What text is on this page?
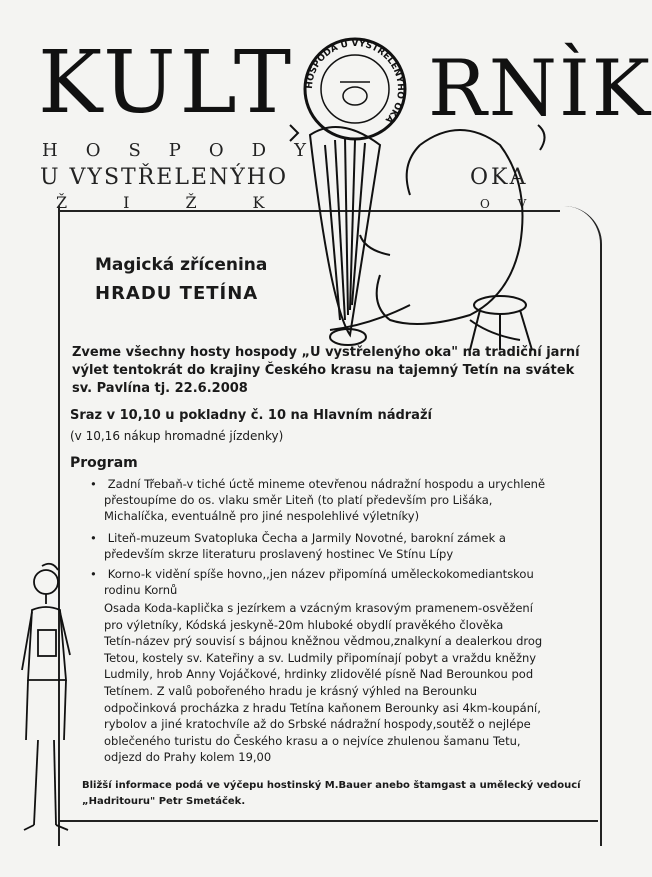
KULT RNÌK
HOSPODA U VYSTŘELENÝHO OKA
HOSPODY
U VYSTŘELENÝHO	OKA
ŽIŽK	OV
Magická zřícenina
HRADU TETÍNA
Zveme všechny hosty hospody „U vystřelenýho oka" na tradiční jarní
výlet tentokrát do krajiny Českého krasu na tajemný Tetín na svátek
sv. Pavlína tj. 22.6.2008
Sraz v 10,10 u pokladny č. 10 na Hlavním nádraží
(v 10,16 nákup hromadné jízdenky)
Program
•   Zadní Třebaň-v tiché úctě mineme otevřenou nádražní hospodu a urychleně
přestoupíme do os. vlaku směr Liteň (to platí především pro Lišáka,
Michalíčka, eventuálně pro jiné nespolehlivé výletníky)
•   Liteň-muzeum Svatopluka Čecha a Jarmily Novotné, barokní zámek a
především skrze literaturu proslavený hostinec Ve Stínu Lípy
•   Korno-k vidění spíše hovno,,jen název připomíná uměleckokomediantskou
rodinu Kornů
Osada Koda-kaplička s jezírkem a vzácným krasovým pramenem-osvěžení
pro výletníky, Kódská jeskyně-20m hluboké obydlí pravěkého člověka
Tetín-název prý souvisí s bájnou kněžnou vědmou,znalkyní a dealerkou drog
Tetou, kostely sv. Kateřiny a sv. Ludmily připomínají pobyt a vraždu kněžny
Ludmily, hrob Anny Vojáčkové, hrdinky zlidovělé písně Nad Berounkou pod
Tetínem. Z valů pobořeného hradu je krásný výhled na Berounku
odpočinková procházka z hradu Tetína kaňonem Berounky asi 4km-koupání,
rybolov a jiné kratochvíle až do Srbské nádražní hospody,soutěž o nejlépe
oblečeného turistu do Českého krasu a o nejvíce zhulenou šamanu Tetu,
odjezd do Prahy kolem 19,00
Bližší informace podá ve výčepu hostinský M.Bauer anebo štamgast a umělecký vedoucí
„Hadritouru" Petr Smetáček.
